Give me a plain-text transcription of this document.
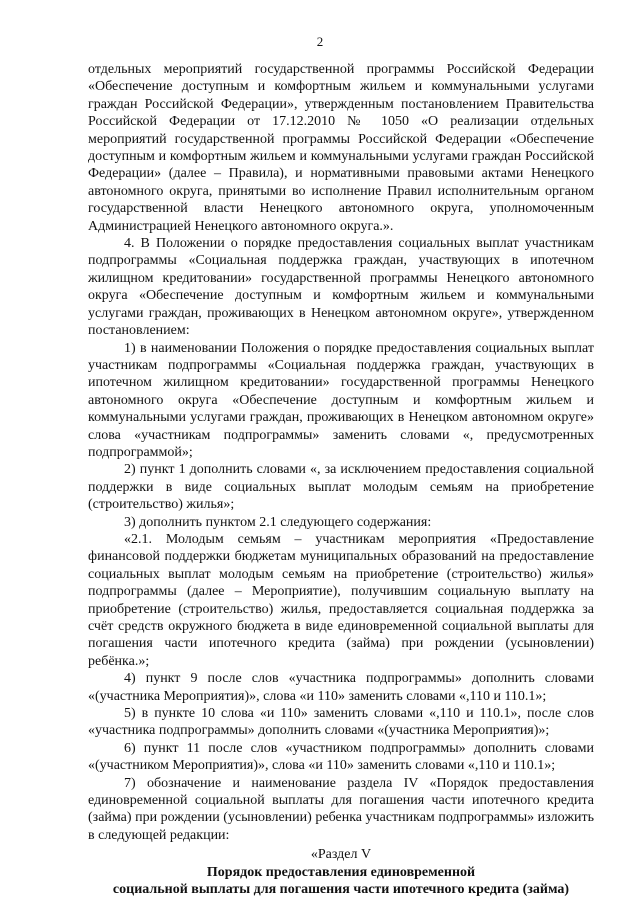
2

отдельных мероприятий государственной программы Российской Федерации «Обеспечение доступным и комфортным жильем и коммунальными услугами граждан Российской Федерации», утвержденным постановлением Правительства Российской Федерации от 17.12.2010 № 1050 «О реализации отдельных мероприятий государственной программы Российской Федерации «Обеспечение доступным и комфортным жильем и коммунальными услугами граждан Российской Федерации» (далее – Правила), и нормативными правовыми актами Ненецкого автономного округа, принятыми во исполнение Правил исполнительным органом государственной власти Ненецкого автономного округа, уполномоченным Администрацией Ненецкого автономного округа.».

4. В Положении о порядке предоставления социальных выплат участникам подпрограммы «Социальная поддержка граждан, участвующих в ипотечном жилищном кредитовании» государственной программы Ненецкого автономного округа «Обеспечение доступным и комфортным жильем и коммунальными услугами граждан, проживающих в Ненецком автономном округе», утвержденном постановлением:

1) в наименовании Положения о порядке предоставления социальных выплат участникам подпрограммы «Социальная поддержка граждан, участвующих в ипотечном жилищном кредитовании» государственной программы Ненецкого автономного округа «Обеспечение доступным и комфортным жильем и коммунальными услугами граждан, проживающих в Ненецком автономном округе» слова «участникам подпрограммы» заменить словами «, предусмотренных подпрограммой»;

2) пункт 1 дополнить словами «, за исключением предоставления социальной поддержки в виде социальных выплат молодым семьям на приобретение (строительство) жилья»;

3) дополнить пунктом 2.1 следующего содержания:

«2.1. Молодым семьям – участникам мероприятия «Предоставление финансовой поддержки бюджетам муниципальных образований на предоставление социальных выплат молодым семьям на приобретение (строительство) жилья» подпрограммы (далее – Мероприятие), получившим социальную выплату на приобретение (строительство) жилья, предоставляется социальная поддержка за счёт средств окружного бюджета в виде единовременной социальной выплаты для погашения части ипотечного кредита (займа) при рождении (усыновлении) ребёнка.»;

4) пункт 9 после слов «участника подпрограммы» дополнить словами «(участника Мероприятия)», слова «и 110» заменить словами «,110 и 110.1»;

5) в пункте 10 слова «и 110» заменить словами «,110 и 110.1», после слов «участника подпрограммы» дополнить словами «(участника Мероприятия)»;

6) пункт 11 после слов «участником подпрограммы» дополнить словами «(участником Мероприятия)», слова «и 110» заменить словами «,110 и 110.1»;

7) обозначение и наименование раздела IV «Порядок предоставления единовременной социальной выплаты для погашения части ипотечного кредита (займа) при рождении (усыновлении) ребенка участникам подпрограммы» изложить в следующей редакции:

«Раздел V

Порядок предоставления единовременной

социальной выплаты для погашения части ипотечного кредита (займа)
